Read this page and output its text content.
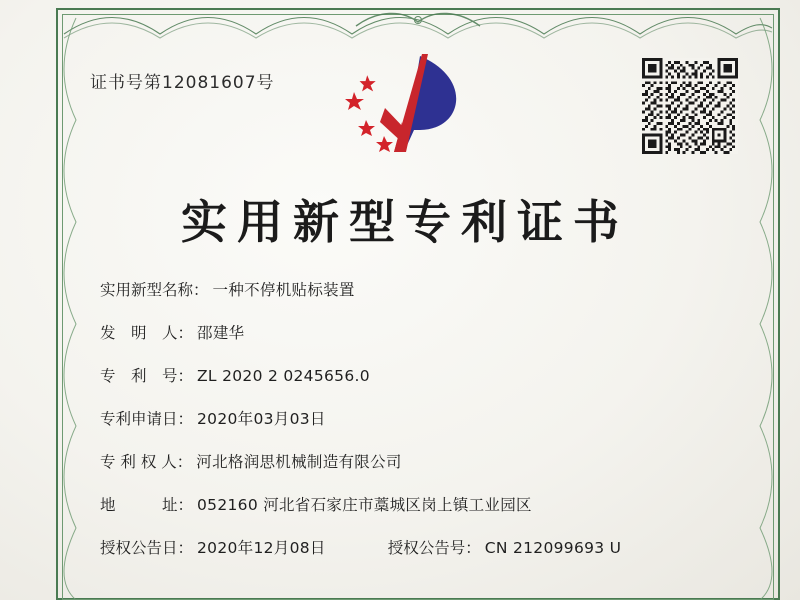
证书号第12081607号
实用新型专利证书
实用新型名称： 一种不停机贴标装置
发　明　人： 邵建华
专　利　号： ZL 2020 2 0245656.0
专利申请日： 2020年03月03日
专 利 权 人： 河北格润思机械制造有限公司
地　　　址： 052160 河北省石家庄市藁城区岗上镇工业园区
授权公告日： 2020年12月08日	授权公告号： CN 212099693 U
